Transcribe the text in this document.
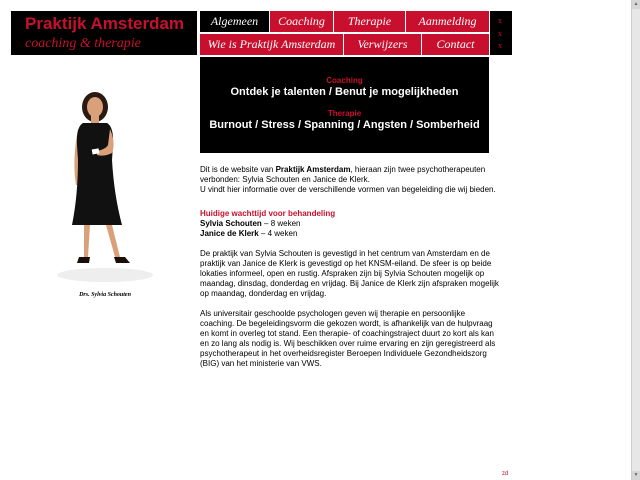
Praktijk Amsterdam
coaching & therapie
Algemeen	Coaching	Therapie	Aanmelding
Wie is Praktijk Amsterdam	Verwijzers	Contact
x
x
x
Coaching
Ontdek je talenten / Benut je mogelijkheden
Therapie
Burnout / Stress / Spanning / Angsten / Somberheid
Drs. Sylvia Schouten

Dit is de website van Praktijk Amsterdam, hieraan zijn twee psychotherapeuten verbonden: Sylvia Schouten en Janice de Klerk.
U vindt hier informatie over de verschillende vormen van begeleiding die wij bieden.

Huidige wachttijd voor behandeling
Sylvia Schouten – 8 weken
Janice de Klerk – 4 weken

De praktijk van Sylvia Schouten is gevestigd in het centrum van Amsterdam en de praktijk van Janice de Klerk is gevestigd op het KNSM-eiland. De sfeer is op beide lokaties informeel, open en rustig. Afspraken zijn bij Sylvia Schouten mogelijk op maandag, dinsdag, donderdag en vrijdag. Bij Janice de Klerk zijn afspraken mogelijk op maandag, donderdag en vrijdag.

Als universitair geschoolde psychologen geven wij therapie en persoonlijke coaching. De begeleidingsvorm die gekozen wordt, is afhankelijk van de hulpvraag en komt in overleg tot stand. Een therapie- of coachingstraject duurt zo kort als kan en zo lang als nodig is. Wij beschikken over ruime ervaring en zijn geregistreerd als psychotherapeut in het overheidsregister Beroepen Individuele Gezondheidszorg (BIG) van het ministerie van VWS.

zd
▲
▼
